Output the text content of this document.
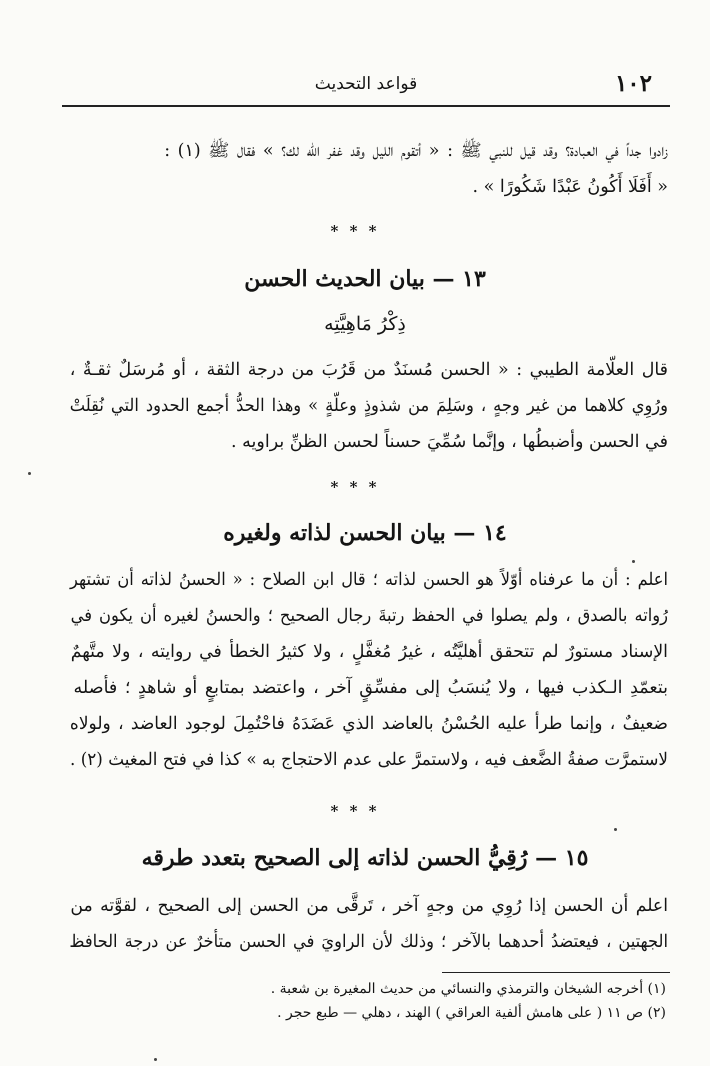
١٠٢
قواعد التحديث
زادوا جداً في العبادة؟ وقد قيل للنبي ﷺ : « أتقوم الليل وقد غفر الله لك؟ » فقال ﷺ (١) :
« أَفَلَا أَكُونُ عَبْدًا شَكُورًا » .
* * *
١٣ — بيان الحديث الحسن
ذِكْرُ مَاهِيَّتِه
قال العلّامة الطيبي : « الحسن مُسنَدٌ من قَرُبَ من درجة الثقة ، أو مُرسَلٌ ثقـةٌ ،
ورُوِي كلاهما من غير وجهٍ ، وسَلِمَ من شذوذٍ وعلّةٍ » وهذا الحدُّ أجمع الحدود التي نُقِلَتْ
في الحسن وأضبطُها ، وإنَّما سُمِّيَ حسناً لحسن الظنِّ براويه .
* * *
١٤ — بيان الحسن لذاته ولغيره
اعلم : أن ما عرفناه أوّلاً هو الحسن لذاته ؛ قال ابن الصلاح : « الحسنُ لذاته أن تشتهر
رُواته بالصدق ، ولم يصلوا في الحفظ رتبةَ رجال الصحيح ؛ والحسنُ لغيره أن يكون في
الإسناد مستورٌ لم تتحقق أهليَّتُه ، غيرُ مُغفَّلٍ ، ولا كثيرُ الخطأ في روايته ، ولا متَّهمٌ
بتعمّدِ الـكذب فيها ، ولا يُنسَبُ إلى مفسِّقٍ آخر ، واعتضد بمتابعٍ أو شاهدٍ ؛ فأصله
ضعيفٌ ، وإنما طرأ عليه الحُسْنُ بالعاضد الذي عَضَدَهُ فاحْتُمِلَ لوجود العاضد ، ولولاه
لاستمرَّت صفةُ الضَّعف فيه ، ولاستمرَّ على عدم الاحتجاج به » كذا في فتح المغيث (٢) .
* * *
١٥ — رُقِيُّ الحسن لذاته إلى الصحيح بتعدد طرقه
اعلم أن الحسن إذا رُوِي من وجهٍ آخر ، تَرقَّى من الحسن إلى الصحيح ، لقوَّته من
الجهتين ، فيعتضدُ أحدهما بالآخر ؛ وذلك لأن الراويَ في الحسن متأخرٌ عن درجة الحافظ
(١) أخرجه الشيخان والترمذي والنسائي من حديث المغيرة بن شعبة .
(٢) ص ١١ ( على هامش ألفية العراقي ) الهند ، دهلي — طبع حجر .
